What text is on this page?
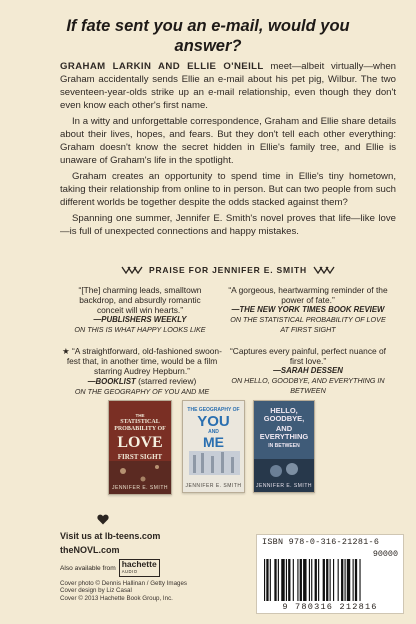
If fate sent you an e-mail, would you answer?

GRAHAM LARKIN AND ELLIE O'NEILL meet—albeit virtually—when Graham accidentally sends Ellie an e-mail about his pet pig, Wilbur. The two seventeen-year-olds strike up an e-mail relationship, even though they don't even know each other's first name.

In a witty and unforgettable correspondence, Graham and Ellie share details about their lives, hopes, and fears. But they don't tell each other everything: Graham doesn't know the secret hidden in Ellie's family tree, and Ellie is unaware of Graham's life in the spotlight.

Graham creates an opportunity to spend time in Ellie's tiny hometown, taking their relationship from online to in person. But can two people from such different worlds be together despite the odds stacked against them?

Spanning one summer, Jennifer E. Smith's novel proves that life—like love—is full of unexpected connections and happy mistakes.

PRAISE FOR JENNIFER E. SMITH
“[The] charming leads, smalltown backdrop, and absurdly romantic conceit will win hearts.”
—PUBLISHERS WEEKLY
ON THIS IS WHAT HAPPY LOOKS LIKE
“A gorgeous, heartwarming reminder of the power of fate.”
—THE NEW YORK TIMES BOOK REVIEW
ON THE STATISTICAL PROBABILITY OF LOVE AT FIRST SIGHT
★ “A straightforward, old-fashioned swoon-fest that, in another time, would be a film starring Audrey Hepburn.”
—BOOKLIST (starred review)
ON THE GEOGRAPHY OF YOU AND ME
“Captures every painful, perfect nuance of first love.”
—SARAH DESSEN
ON HELLO, GOODBYE, AND EVERYTHING IN BETWEEN
THE
STATISTICAL PROBABILITY OF
LOVE
FIRST SIGHT
JENNIFER E. SMITH
THE GEOGRAPHY OF
YOU
AND
ME
JENNIFER E. SMITH
HELLO, GOODBYE,
AND EVERYTHING
IN BETWEEN
JENNIFER E. SMITH
Visit us at lb-teens.com
theNOVL.com
Also available from hachette
AUDIO
Cover photo © Dennis Hallinan / Getty Images
Cover design by Liz Casal
Cover © 2013 Hachette Book Group, Inc.
ISBN 978-0-316-21281-6
90000
9 780316 212816
